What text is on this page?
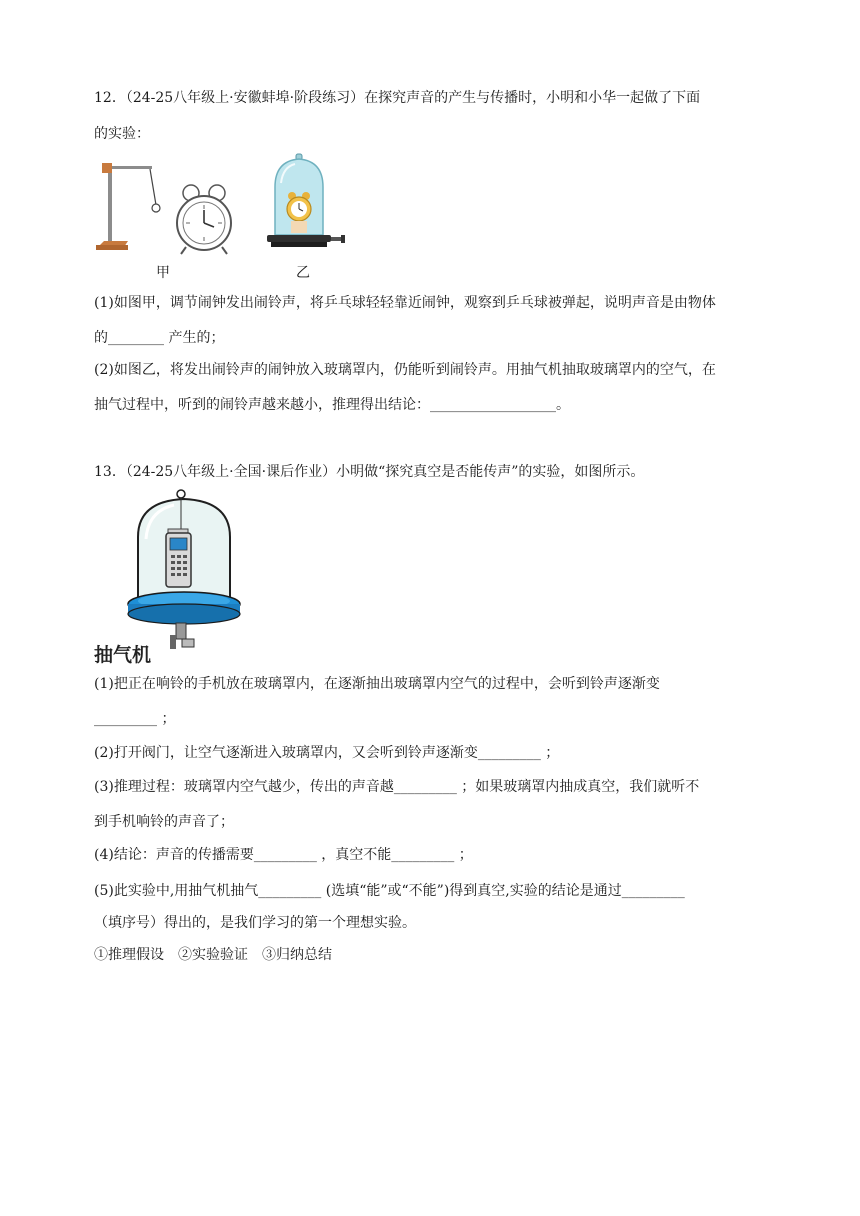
12．（24-25八年级上·安徽蚌埠·阶段练习）在探究声音的产生与传播时，小明和小华一起做了下面
的实验：
甲	乙
(1)如图甲，调节闹钟发出闹铃声，将乒乓球轻轻靠近闹钟，观察到乒乓球被弹起，说明声音是由物体
的________ 产生的；
(2)如图乙，将发出闹铃声的闹钟放入玻璃罩内，仍能听到闹铃声。用抽气机抽取玻璃罩内的空气，在
抽气过程中，听到的闹铃声越来越小，推理得出结论：__________________。
13．（24-25八年级上·全国·课后作业）小明做“探究真空是否能传声”的实验，如图所示。
抽气机
(1)把正在响铃的手机放在玻璃罩内，在逐渐抽出玻璃罩内空气的过程中，会听到铃声逐渐变
_________ ；
(2)打开阀门，让空气逐渐进入玻璃罩内，又会听到铃声逐渐变_________ ；
(3)推理过程：玻璃罩内空气越少，传出的声音越_________ ；如果玻璃罩内抽成真空，我们就听不
到手机响铃的声音了；
(4)结论：声音的传播需要_________ ，真空不能_________ ；
(5)此实验中,用抽气机抽气_________ (选填“能”或“不能”)得到真空,实验的结论是通过_________
（填序号）得出的，是我们学习的第一个理想实验。
①推理假设　②实验验证　③归纳总结
